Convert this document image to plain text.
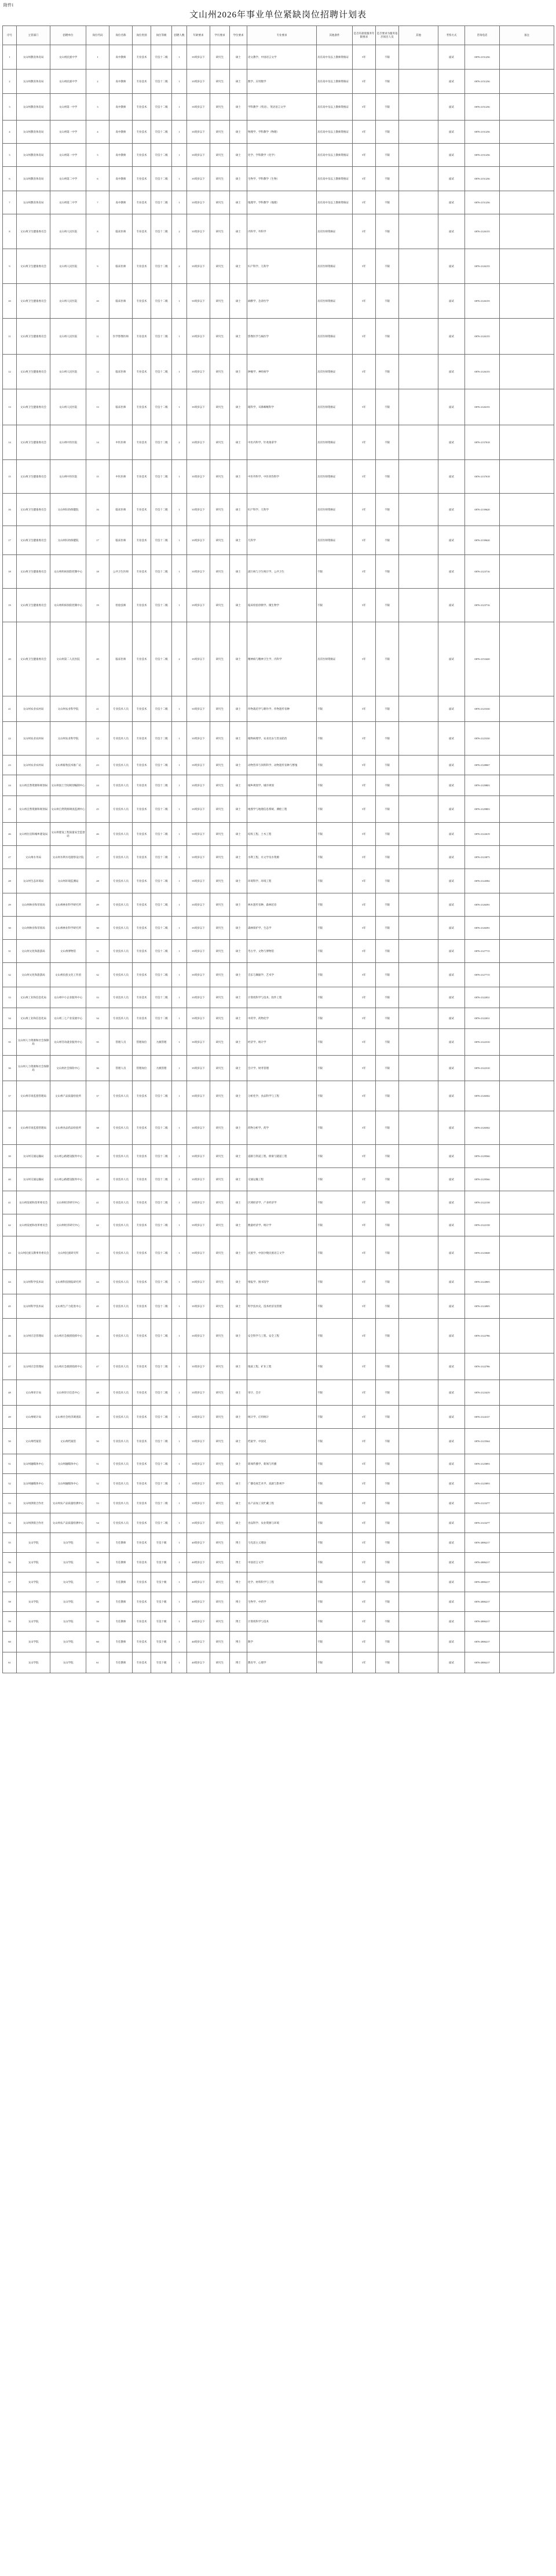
附件1
文山州2026年事业单位紧缺岗位招聘计划表
序号	主管部门	招聘单位	岗位代码	岗位名称	岗位类别	岗位等级	招聘人数	年龄要求	学历要求	学位要求	专业要求	其他条件	是否有最低服务年限要求	是否要求为服务基层项目人员	其他	考察方式	咨询电话	备注
1	文山州教育体育局	文山州民族中学	1	高中教师	专业技术	专技十二级	1	35周岁以下	研究生	硕士	语文教学、中国语言文学	具有高中及以上教师资格证	5年	不限		面试	0876-2151256	
2	文山州教育体育局	文山州民族中学	2	高中教师	专业技术	专技十二级	1	35周岁以下	研究生	硕士	数学、应用数学	具有高中及以上教师资格证	5年	不限		面试	0876-2151256	
3	文山州教育体育局	文山州第一中学	3	高中教师	专业技术	专技十二级	1	35周岁以下	研究生	硕士	学科教学（英语）、英语语言文学	具有高中及以上教师资格证	5年	不限		面试	0876-2151256	
4	文山州教育体育局	文山州第一中学	4	高中教师	专业技术	专技十二级	1	35周岁以下	研究生	硕士	物理学、学科教学（物理）	具有高中及以上教师资格证	5年	不限		面试	0876-2151256	
5	文山州教育体育局	文山州第一中学	5	高中教师	专业技术	专技十二级	1	35周岁以下	研究生	硕士	化学、学科教学（化学）	具有高中及以上教师资格证	5年	不限		面试	0876-2151256	
6	文山州教育体育局	文山州第二中学	6	高中教师	专业技术	专技十二级	1	35周岁以下	研究生	硕士	生物学、学科教学（生物）	具有高中及以上教师资格证	5年	不限		面试	0876-2151256	
7	文山州教育体育局	文山州第二中学	7	高中教师	专业技术	专技十二级	1	35周岁以下	研究生	硕士	地理学、学科教学（地理）	具有高中及以上教师资格证	5年	不限		面试	0876-2151256	
8	文山州卫生健康委员会	文山州人民医院	8	临床医师	专业技术	专技十二级	2	35周岁以下	研究生	硕士	内科学、外科学	具有医师资格证	5年	不限		面试	0876-2126155	
9	文山州卫生健康委员会	文山州人民医院	9	临床医师	专业技术	专技十二级	2	35周岁以下	研究生	硕士	妇产科学、儿科学	具有医师资格证	5年	不限		面试	0876-2126155	
10	文山州卫生健康委员会	文山州人民医院	10	临床医师	专业技术	专技十二级	1	35周岁以下	研究生	硕士	麻醉学、急诊医学	具有医师资格证	5年	不限		面试	0876-2126155	
11	文山州卫生健康委员会	文山州人民医院	11	医学影像医师	专业技术	专技十二级	1	35周岁以下	研究生	硕士	影像医学与核医学	具有医师资格证	5年	不限		面试	0876-2126155	
12	文山州卫生健康委员会	文山州人民医院	12	临床医师	专业技术	专技十二级	1	35周岁以下	研究生	硕士	肿瘤学、神经病学	具有医师资格证	5年	不限		面试	0876-2126155	
13	文山州卫生健康委员会	文山州人民医院	13	临床医师	专业技术	专技十二级	1	35周岁以下	研究生	硕士	眼科学、耳鼻咽喉科学	具有医师资格证	5年	不限		面试	0876-2126155	
14	文山州卫生健康委员会	文山州中医医院	14	中医医师	专业技术	专技十二级	2	35周岁以下	研究生	硕士	中医内科学、针灸推拿学	具有医师资格证	5年	不限		面试	0876-2137018	
15	文山州卫生健康委员会	文山州中医医院	15	中医医师	专业技术	专技十二级	1	35周岁以下	研究生	硕士	中医外科学、中医骨伤科学	具有医师资格证	5年	不限		面试	0876-2137018	
16	文山州卫生健康委员会	文山州妇幼保健院	16	临床医师	专业技术	专技十二级	1	35周岁以下	研究生	硕士	妇产科学、儿科学	具有医师资格证	5年	不限		面试	0876-2139620	
17	文山州卫生健康委员会	文山州妇幼保健院	17	临床医师	专业技术	专技十二级	1	35周岁以下	研究生	硕士	儿科学	具有医师资格证	5年	不限		面试	0876-2139620	
18	文山州卫生健康委员会	文山州疾病预防控制中心	18	公共卫生医师	专业技术	专技十二级	1	35周岁以下	研究生	硕士	流行病与卫生统计学、公共卫生	不限	5年	不限		面试	0876-2123716	
19	文山州卫生健康委员会	文山州疾病预防控制中心	19	检验技师	专业技术	专技十二级	1	35周岁以下	研究生	硕士	临床检验诊断学、微生物学	不限	5年	不限		面试	0876-2123716	
20	文山州卫生健康委员会	文山州第二人民医院	20	临床医师	专业技术	专技十二级	2	35周岁以下	研究生	硕士	精神病与精神卫生学、内科学	具有医师资格证	5年	不限		面试	0876-2153420	
21	文山州农业农村局	文山州农业科学院	21	专业技术人员	专业技术	专技十二级	1	35周岁以下	研究生	硕士	作物栽培学与耕作学、作物遗传育种	不限	5年	不限		面试	0876-2125330	
22	文山州农业农村局	文山州农业科学院	22	专业技术人员	专业技术	专技十二级	1	35周岁以下	研究生	硕士	植物病理学、农业昆虫与害虫防治	不限	5年	不限		面试	0876-2125330	
23	文山州农业农村局	文山州畜牧技术推广站	23	专业技术人员	专业技术	专技十二级	1	35周岁以下	研究生	硕士	动物营养与饲料科学、动物遗传育种与繁殖	不限	5年	不限		面试	0876-2128067	
24	文山州自然资源和规划局	文山州国土空间规划编制中心	24	专业技术人员	专业技术	专技十二级	1	35周岁以下	研究生	硕士	城乡规划学、城市规划	不限	5年	不限		面试	0876-2129803	
25	文山州自然资源和规划局	文山州自然资源调查监测中心	25	专业技术人员	专业技术	专技十二级	1	35周岁以下	研究生	硕士	地图学与地理信息系统、测绘工程	不限	5年	不限		面试	0876-2129803	
26	文山州住房和城乡建设局	文山州建设工程质量安全监督站	26	专业技术人员	专业技术	专技十二级	1	35周岁以下	研究生	硕士	结构工程、土木工程	不限	5年	不限		面试	0876-2122619	
27	文山州水务局	文山州水利水电勘察设计院	27	专业技术人员	专业技术	专技十二级	1	35周岁以下	研究生	硕士	水利工程、水文学及水资源	不限	5年	不限		面试	0876-2123875	
28	文山州生态环境局	文山州环境监测站	28	专业技术人员	专业技术	专技十二级	1	35周岁以下	研究生	硕士	环境科学、环境工程	不限	5年	不限		面试	0876-2124582	
29	文山州林业和草原局	文山州林业科学研究所	29	专业技术人员	专业技术	专技十二级	1	35周岁以下	研究生	硕士	林木遗传育种、森林培育	不限	5年	不限		面试	0876-2126391	
30	文山州林业和草原局	文山州林业科学研究所	30	专业技术人员	专业技术	专技十二级	1	35周岁以下	研究生	硕士	森林保护学、生态学	不限	5年	不限		面试	0876-2126391	
31	文山州文化和旅游局	文山州博物馆	31	专业技术人员	专业技术	专技十二级	1	35周岁以下	研究生	硕士	考古学、文物与博物馆	不限	5年	不限		面试	0876-2127715	
32	文山州文化和旅游局	文山州民族文化工作团	32	专业技术人员	专业技术	专技十二级	1	35周岁以下	研究生	硕士	音乐与舞蹈学、艺术学	不限	5年	不限		面试	0876-2127715	
33	文山州工业和信息化局	文山州中小企业服务中心	33	专业技术人员	专业技术	专技十二级	1	35周岁以下	研究生	硕士	计算机科学与技术、软件工程	不限	5年	不限		面试	0876-2122031	
34	文山州工业和信息化局	文山州三七产业发展中心	34	专业技术人员	专业技术	专技十二级	1	35周岁以下	研究生	硕士	中药学、药物化学	不限	5年	不限		面试	0876-2122031	
35	文山州人力资源和社会保障局	文山州劳动就业服务中心	35	管理人员	管理岗位	九级管理	1	35周岁以下	研究生	硕士	经济学、统计学	不限	5年	不限		面试	0876-2122310	
36	文山州人力资源和社会保障局	文山州社会保险中心	36	管理人员	管理岗位	九级管理	1	35周岁以下	研究生	硕士	会计学、财务管理	不限	5年	不限		面试	0876-2122310	
37	文山州市场监督管理局	文山州产品质量检验所	37	专业技术人员	专业技术	专技十二级	1	35周岁以下	研究生	硕士	分析化学、食品科学与工程	不限	5年	不限		面试	0876-2126502	
38	文山州市场监督管理局	文山州食品药品检验所	38	专业技术人员	专业技术	专技十二级	1	35周岁以下	研究生	硕士	药物分析学、药学	不限	5年	不限		面试	0876-2126502	
39	文山州交通运输局	文山州公路建设服务中心	39	专业技术人员	专业技术	专技十二级	1	35周岁以下	研究生	硕士	道路与铁道工程、桥梁与隧道工程	不限	5年	不限		面试	0876-2129566	
40	文山州交通运输局	文山州公路建设服务中心	40	专业技术人员	专业技术	专技十二级	1	35周岁以下	研究生	硕士	交通运输工程	不限	5年	不限		面试	0876-2129566	
41	文山州发展和改革委员会	文山州经济研究中心	41	专业技术人员	专业技术	专技十二级	1	35周岁以下	研究生	硕士	区域经济学、产业经济学	不限	5年	不限		面试	0876-2122158	
42	文山州发展和改革委员会	文山州经济研究中心	42	专业技术人员	专业技术	专技十二级	1	35周岁以下	研究生	硕士	数量经济学、统计学	不限	5年	不限		面试	0876-2122158	
43	文山州民族宗教事务委员会	文山州民族研究所	43	专业技术人员	专业技术	专技十二级	1	35周岁以下	研究生	硕士	民族学、中国少数民族语言文学	不限	5年	不限		面试	0876-2123048	
44	文山州科学技术局	文山州科技情报研究所	44	专业技术人员	专业技术	专技十二级	1	35周岁以下	研究生	硕士	情报学、图书馆学	不限	5年	不限		面试	0876-2124905	
45	文山州科学技术局	文山州生产力促进中心	45	专业技术人员	专业技术	专技十二级	1	35周岁以下	研究生	硕士	科学技术史、技术经济及管理	不限	5年	不限		面试	0876-2124905	
46	文山州应急管理局	文山州应急救援指挥中心	46	专业技术人员	专业技术	专技十二级	1	35周岁以下	研究生	硕士	安全科学与工程、安全工程	不限	5年	不限		面试	0876-2122786	
47	文山州应急管理局	文山州应急救援指挥中心	47	专业技术人员	专业技术	专技十二级	1	35周岁以下	研究生	硕士	地质工程、矿业工程	不限	5年	不限		面试	0876-2122786	
48	文山州审计局	文山州审计信息中心	48	专业技术人员	专业技术	专技十二级	1	35周岁以下	研究生	硕士	审计、会计	不限	5年	不限		面试	0876-2123419	
49	文山州统计局	文山州社会经济调查队	49	专业技术人员	专业技术	专技十二级	1	35周岁以下	研究生	硕士	统计学、应用统计	不限	5年	不限		面试	0876-2124137	
50	文山州档案馆	文山州档案馆	50	专业技术人员	专业技术	专技十二级	1	35周岁以下	研究生	硕士	档案学、中国史	不限	5年	不限		面试	0876-2123564	
51	文山州融媒体中心	文山州融媒体中心	51	专业技术人员	专业技术	专技十二级	1	35周岁以下	研究生	硕士	新闻传播学、新闻与传播	不限	5年	不限		面试	0876-2125893	
52	文山州融媒体中心	文山州融媒体中心	52	专业技术人员	专业技术	专技十二级	1	35周岁以下	研究生	硕士	广播电视艺术学、戏剧与影视学	不限	5年	不限		面试	0876-2125893	
53	文山州供销合作社	文山州农产品质量检测中心	53	专业技术人员	专业技术	专技十二级	1	35周岁以下	研究生	硕士	农产品加工及贮藏工程	不限	5年	不限		面试	0876-2123277	
54	文山州供销合作社	文山州农产品质量检测中心	54	专业技术人员	专业技术	专技十二级	1	35周岁以下	研究生	硕士	食品科学、农业资源与环境	不限	5年	不限		面试	0876-2123277	
55	文山学院	文山学院	55	专任教师	专业技术	专技十级	1	40周岁以下	研究生	博士	马克思主义理论	不限	5年	不限		面试	0876-2886217	
56	文山学院	文山学院	56	专任教师	专业技术	专技十级	1	40周岁以下	研究生	博士	中国语言文学	不限	5年	不限		面试	0876-2886217	
57	文山学院	文山学院	57	专任教师	专业技术	专技十级	1	40周岁以下	研究生	博士	化学、材料科学与工程	不限	5年	不限		面试	0876-2886217	
58	文山学院	文山学院	58	专任教师	专业技术	专技十级	1	40周岁以下	研究生	博士	生物学、中药学	不限	5年	不限		面试	0876-2886217	
59	文山学院	文山学院	59	专任教师	专业技术	专技十级	1	40周岁以下	研究生	博士	计算机科学与技术	不限	5年	不限		面试	0876-2886217	
60	文山学院	文山学院	60	专任教师	专业技术	专技十级	1	40周岁以下	研究生	博士	数学	不限	5年	不限		面试	0876-2886217	
61	文山学院	文山学院	61	专任教师	专业技术	专技十级	1	40周岁以下	研究生	博士	教育学、心理学	不限	5年	不限		面试	0876-2886217	
